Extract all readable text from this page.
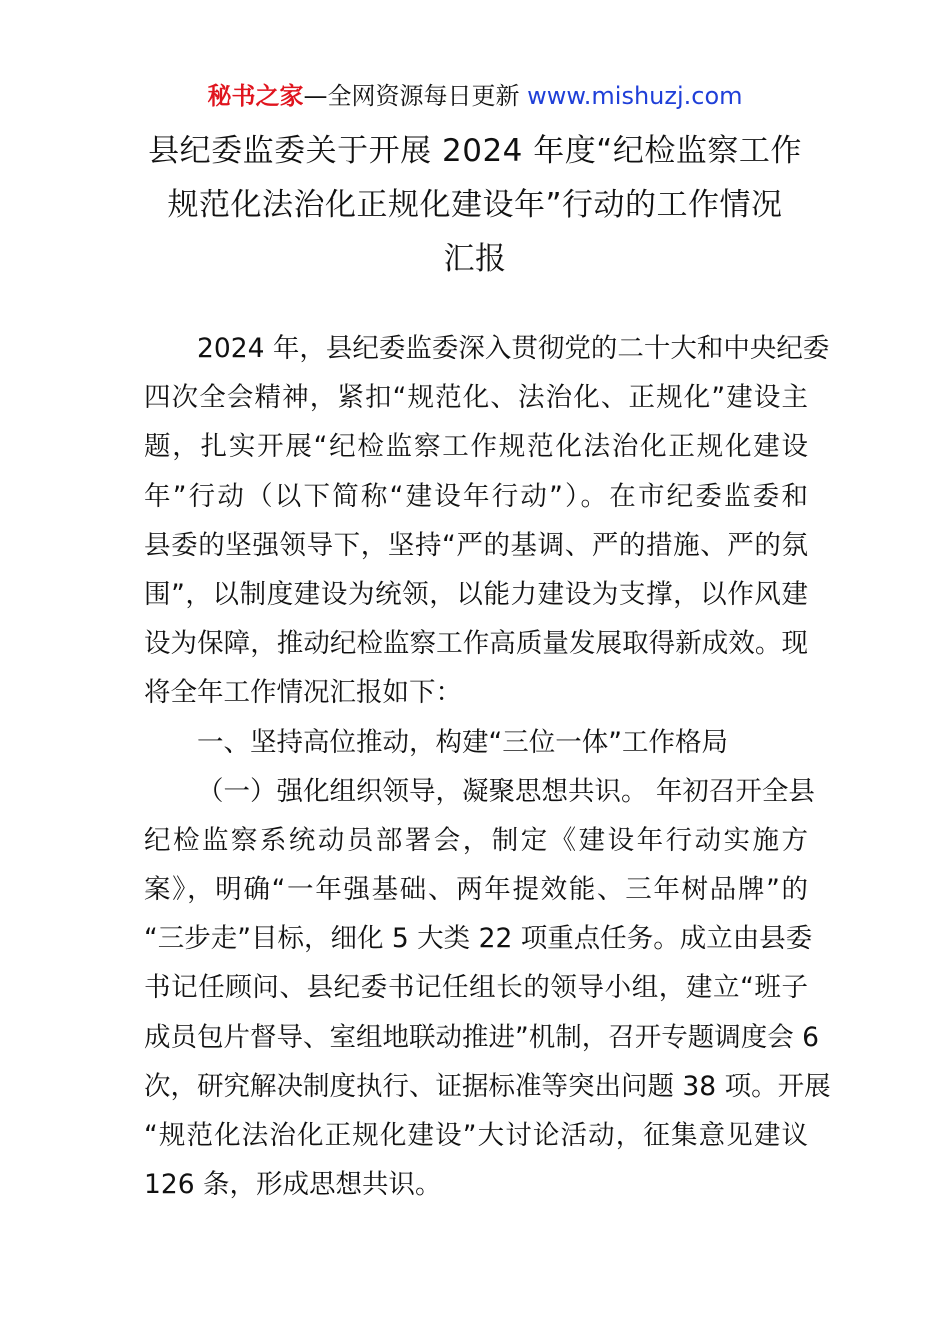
秘书之家—全网资源每日更新 www.mishuzj.com
县纪委监委关于开展 2024 年度“纪检监察工作
规范化法治化正规化建设年”行动的工作情况
汇报
2024 年，县纪委监委深入贯彻党的二十大和中央纪委
四次全会精神，紧扣“规范化、法治化、正规化”建设主
题，扎实开展“纪检监察工作规范化法治化正规化建设
年”行动（以下简称“建设年行动”）。在市纪委监委和
县委的坚强领导下，坚持“严的基调、严的措施、严的氛
围”，以制度建设为统领，以能力建设为支撑，以作风建
设为保障，推动纪检监察工作高质量发展取得新成效。现
将全年工作情况汇报如下：
一、坚持高位推动，构建“三位一体”工作格局
（一）强化组织领导，凝聚思想共识。 年初召开全县
纪检监察系统动员部署会，制定《建设年行动实施方
案》，明确“一年强基础、两年提效能、三年树品牌”的
“三步走”目标，细化 5 大类 22 项重点任务。成立由县委
书记任顾问、县纪委书记任组长的领导小组，建立“班子
成员包片督导、室组地联动推进”机制，召开专题调度会 6
次，研究解决制度执行、证据标准等突出问题 38 项。开展
“规范化法治化正规化建设”大讨论活动，征集意见建议
126 条，形成思想共识。
